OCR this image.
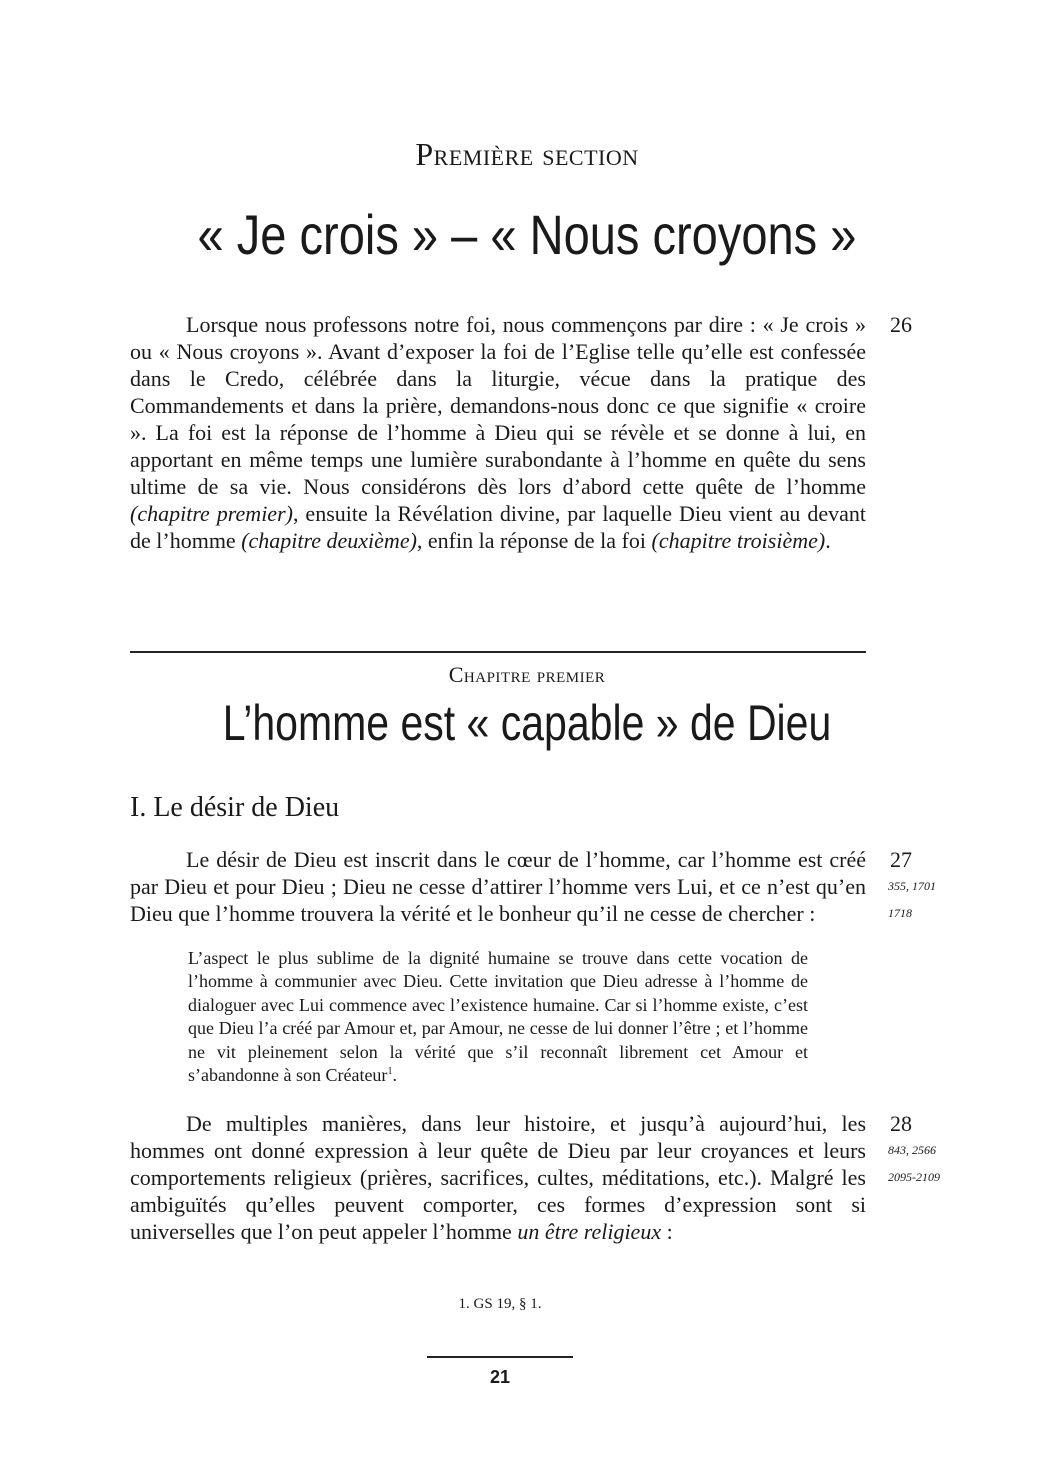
Première section
« Je crois » – « Nous croyons »
26
Lorsque nous professons notre foi, nous commençons par dire : « Je crois » ou « Nous croyons ». Avant d’exposer la foi de l’Eglise telle qu’elle est confessée dans le Credo, célébrée dans la liturgie, vécue dans la pratique des Commandements et dans la prière, demandons-nous donc ce que signifie « croire ». La foi est la réponse de l’homme à Dieu qui se révèle et se donne à lui, en apportant en même temps une lumière surabondante à l’homme en quête du sens ultime de sa vie. Nous considérons dès lors d’abord cette quête de l’homme (chapitre premier), ensuite la Révélation divine, par laquelle Dieu vient au devant de l’homme (chapitre deuxième), enfin la réponse de la foi (chapitre troisième).
Chapitre premier
L’homme est « capable » de Dieu
I. Le désir de Dieu
27
355, 1701
1718
Le désir de Dieu est inscrit dans le cœur de l’homme, car l’homme est créé par Dieu et pour Dieu ; Dieu ne cesse d’attirer l’homme vers Lui, et ce n’est qu’en Dieu que l’homme trouvera la vérité et le bonheur qu’il ne cesse de chercher :
L’aspect le plus sublime de la dignité humaine se trouve dans cette vocation de l’homme à communier avec Dieu. Cette invitation que Dieu adresse à l’homme de dialoguer avec Lui commence avec l’existence humaine. Car si l’homme existe, c’est que Dieu l’a créé par Amour et, par Amour, ne cesse de lui donner l’être ; et l’homme ne vit pleinement selon la vérité que s’il reconnaît librement cet Amour et s’abandonne à son Créateur$^1$.
28
843, 2566
2095-2109
De multiples manières, dans leur histoire, et jusqu’à aujourd’hui, les hommes ont donné expression à leur quête de Dieu par leur croyances et leurs comportements religieux (prières, sacrifices, cultes, méditations, etc.). Malgré les ambiguïtés qu’elles peuvent comporter, ces formes d’expression sont si universelles que l’on peut appeler l’homme un être religieux :
1. GS 19, § 1.
21
